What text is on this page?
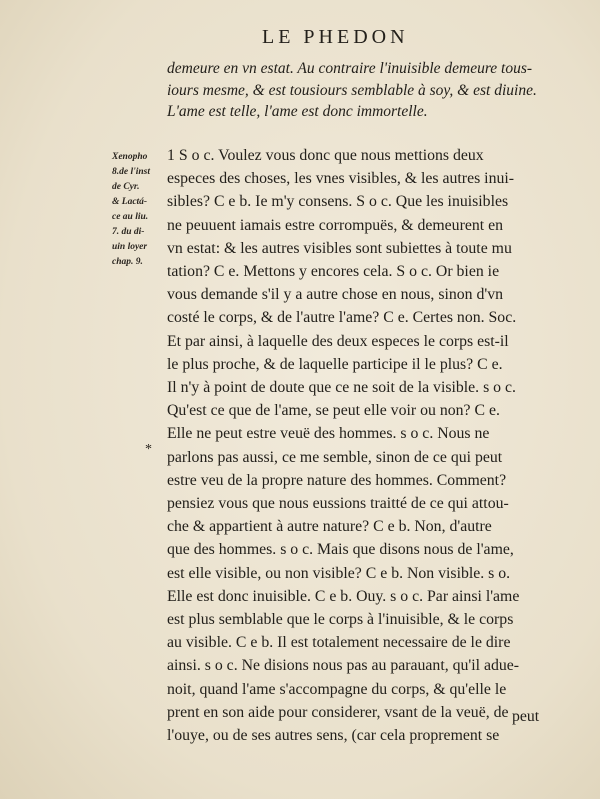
LE PHEDON
demeure en vn estat. Au contraire l'inuisible demeure tous-
iours mesme, & est tousiours semblable à soy, & est diuine.
L'ame est telle, l'ame est donc immortelle.
Xenopho
8.de l'inst
de Cyr.
& Lactá-
ce au liu.
7. du di-
uin loyer
chap. 9.
*
1 S o c. Voulez vous donc que nous mettions deux
especes des choses, les vnes visibles, & les autres inui-
sibles? C e b. Ie m'y consens. S o c. Que les inuisibles
ne peuuent iamais estre corrompuës, & demeurent en
vn estat: & les autres visibles sont subiettes à toute mu
tation? C e. Mettons y encores cela. S o c. Or bien ie
vous demande s'il y a autre chose en nous, sinon d'vn
costé le corps, & de l'autre l'ame? C e. Certes non. Soc.
Et par ainsi, à laquelle des deux especes le corps est-il
le plus proche, & de laquelle participe il le plus? C e.
Il n'y à point de doute que ce ne soit de la visible. s o c.
Qu'est ce que de l'ame, se peut elle voir ou non? C e.
Elle ne peut estre veuë des hommes. s o c. Nous ne
parlons pas aussi, ce me semble, sinon de ce qui peut
estre veu de la propre nature des hommes. Comment?
pensiez vous que nous eussions traitté de ce qui attou-
che & appartient à autre nature? C e b. Non, d'autre
que des hommes. s o c. Mais que disons nous de l'ame,
est elle visible, ou non visible? C e b. Non visible. s o.
Elle est donc inuisible. C e b. Ouy. s o c. Par ainsi l'ame
est plus semblable que le corps à l'inuisible, & le corps
au visible. C e b. Il est totalement necessaire de le dire
ainsi. s o c. Ne disions nous pas au parauant, qu'il adue-
noit, quand l'ame s'accompagne du corps, & qu'elle le
prent en son aide pour considerer, vsant de la veuë, de
l'ouye, ou de ses autres sens, (car cela proprement se
peut
